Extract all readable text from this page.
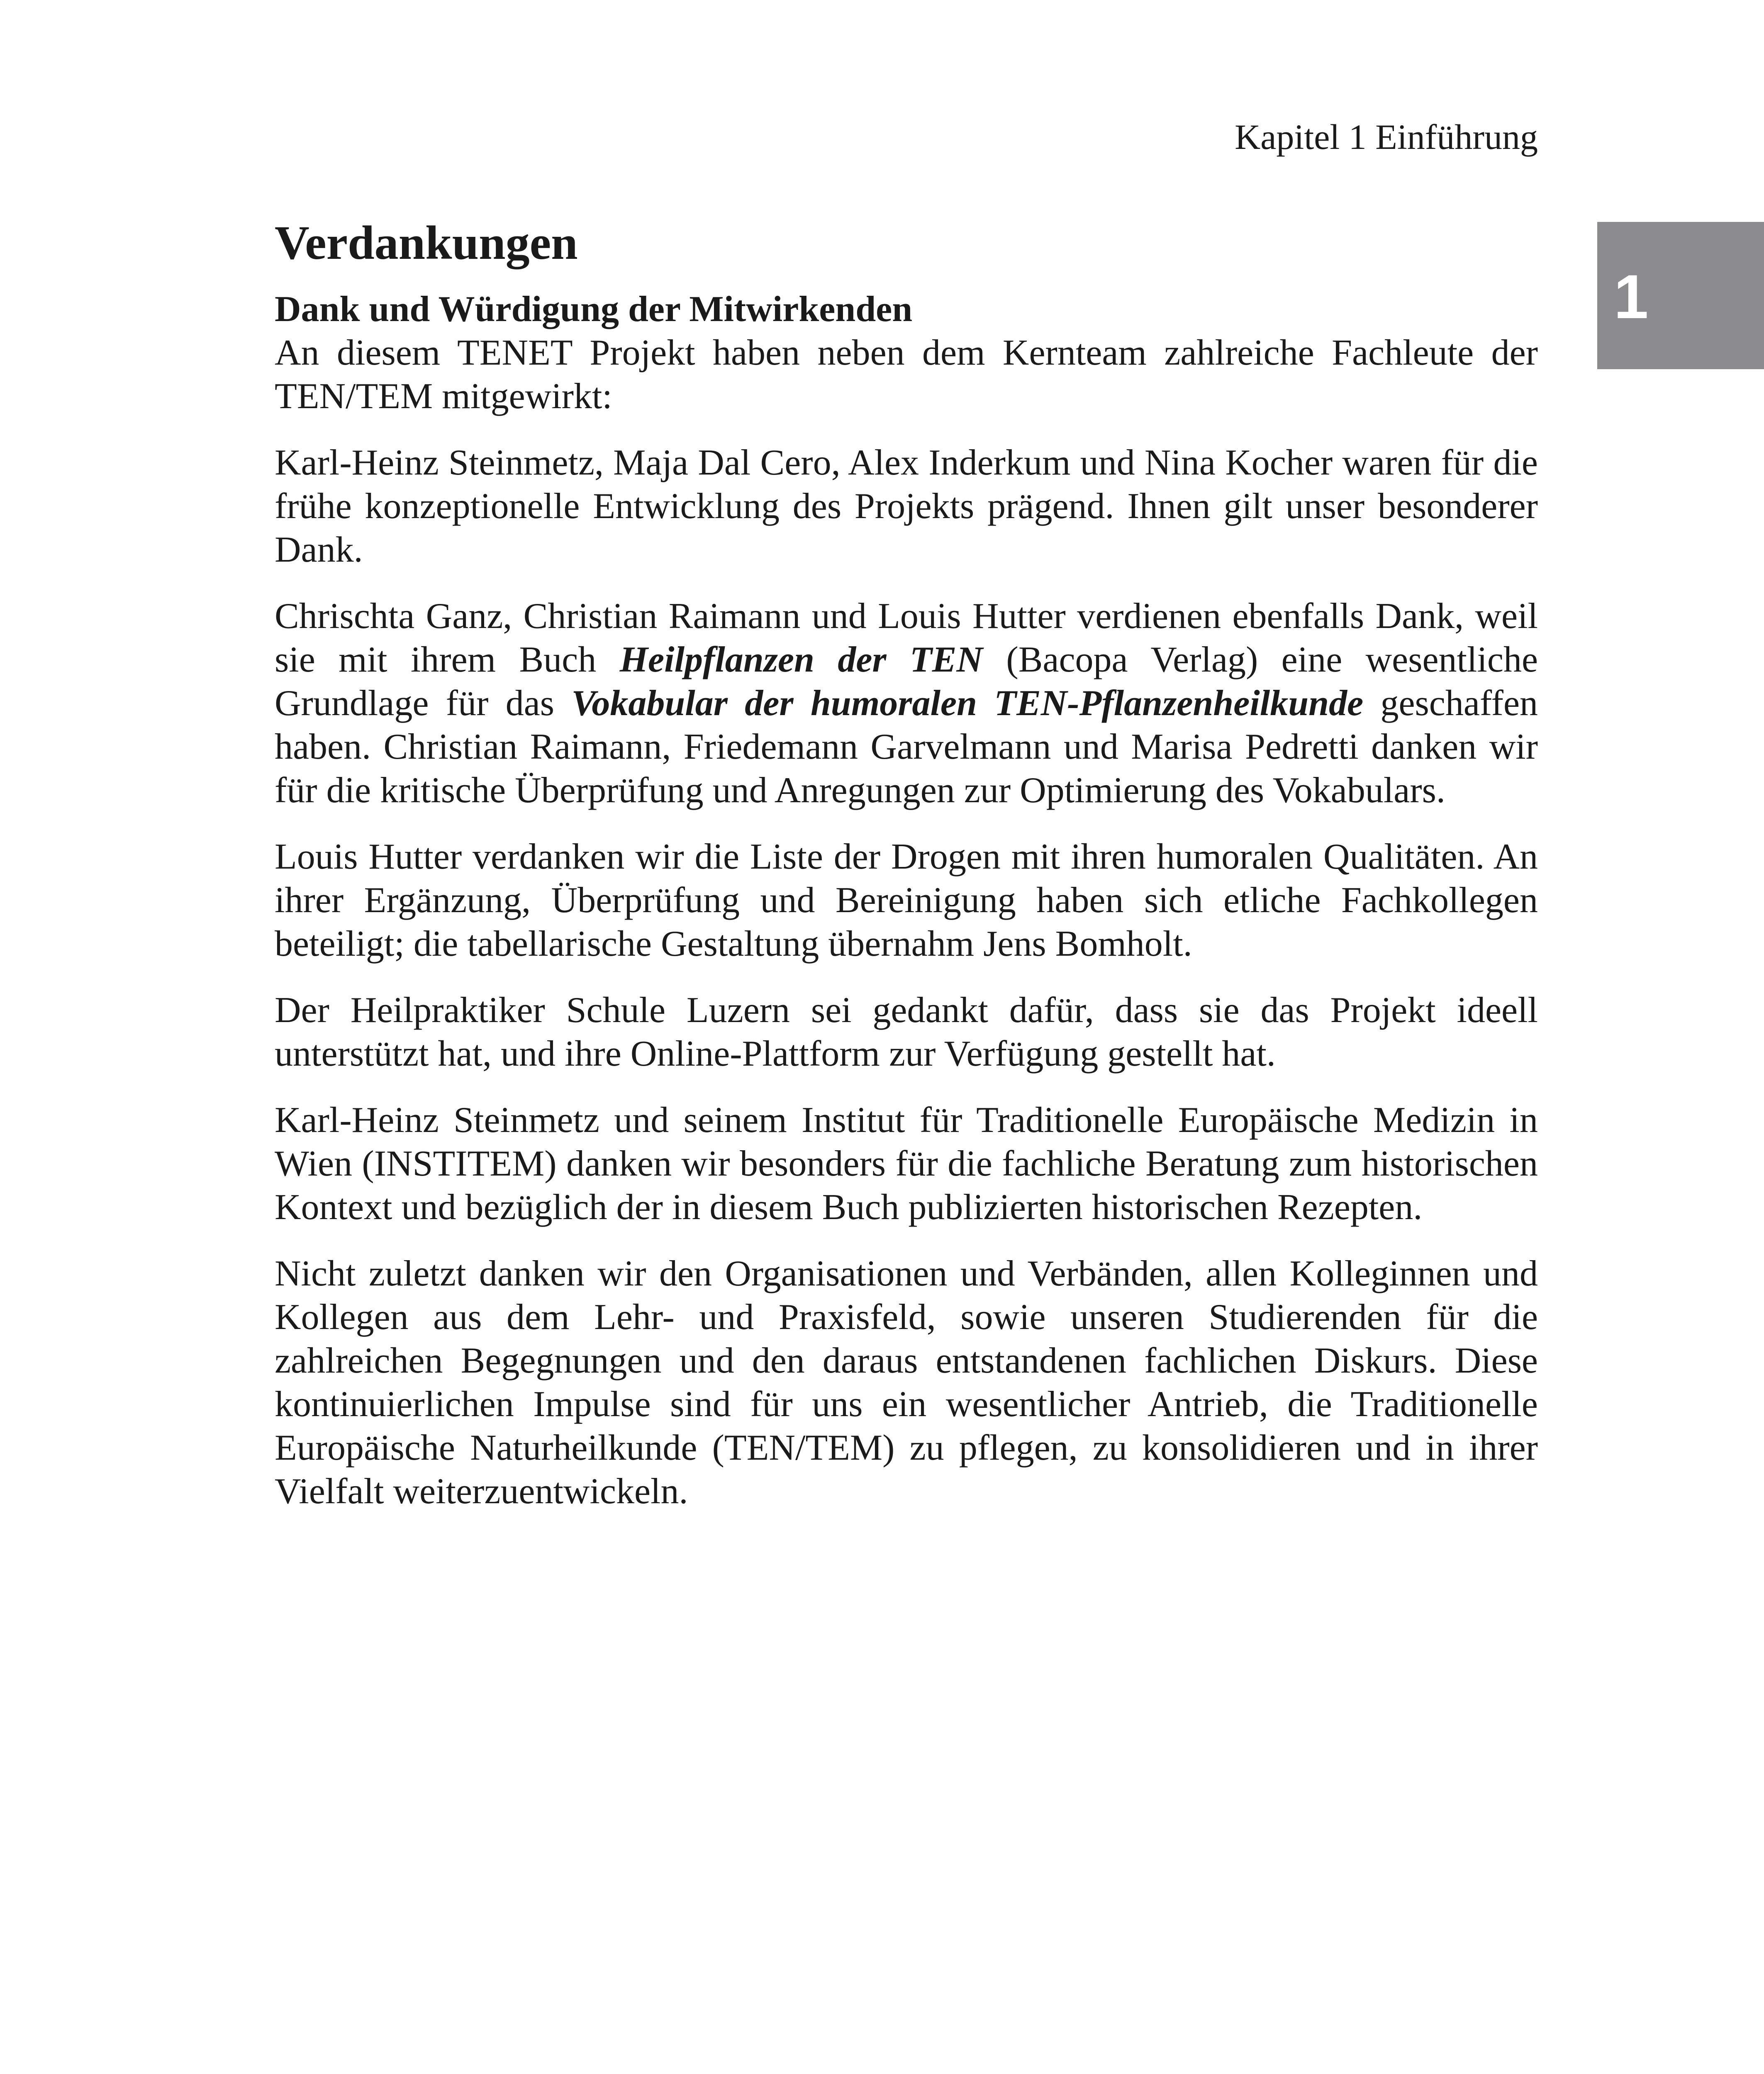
Kapitel 1 Einführung
1
Verdankungen
Dank und Würdigung der Mitwirkenden

An diesem TENET Projekt haben neben dem Kernteam zahlreiche Fachleute der TEN/TEM mitgewirkt:

Karl-Heinz Steinmetz, Maja Dal Cero, Alex Inderkum und Nina Kocher waren für die frühe konzeptionelle Entwicklung des Projekts prägend. Ihnen gilt unser besonderer Dank.

Chrischta Ganz, Christian Raimann und Louis Hutter verdienen ebenfalls Dank, weil sie mit ihrem Buch Heilpflanzen der TEN (Bacopa Verlag) eine wesentliche Grundlage für das Vokabular der humoralen TEN-Pflanzenheilkunde geschaffen haben. Christian Raimann, Friedemann Garvelmann und Marisa Pedretti danken wir für die kritische Überprüfung und Anregungen zur Optimierung des Vokabulars.

Louis Hutter verdanken wir die Liste der Drogen mit ihren humoralen Qualitäten. An ihrer Ergänzung, Überprüfung und Bereinigung haben sich etliche Fachkollegen beteiligt; die tabellarische Gestaltung übernahm Jens Bomholt.

Der Heilpraktiker Schule Luzern sei gedankt dafür, dass sie das Projekt ideell unterstützt hat, und ihre Online-Plattform zur Verfügung gestellt hat.

Karl-Heinz Steinmetz und seinem Institut für Traditionelle Europäische Medizin in Wien (INSTITEM) danken wir besonders für die fachliche Beratung zum historischen Kontext und bezüglich der in diesem Buch publizierten historischen Rezepten.

Nicht zuletzt danken wir den Organisationen und Verbänden, allen Kolleginnen und Kollegen aus dem Lehr- und Praxisfeld, sowie unseren Studierenden für die zahlreichen Begegnungen und den daraus entstandenen fachlichen Diskurs. Diese kontinuierlichen Impulse sind für uns ein wesentlicher Antrieb, die Traditionelle Europäische Naturheilkunde (TEN/TEM) zu pflegen, zu konsolidieren und in ihrer Vielfalt weiterzuentwickeln.
